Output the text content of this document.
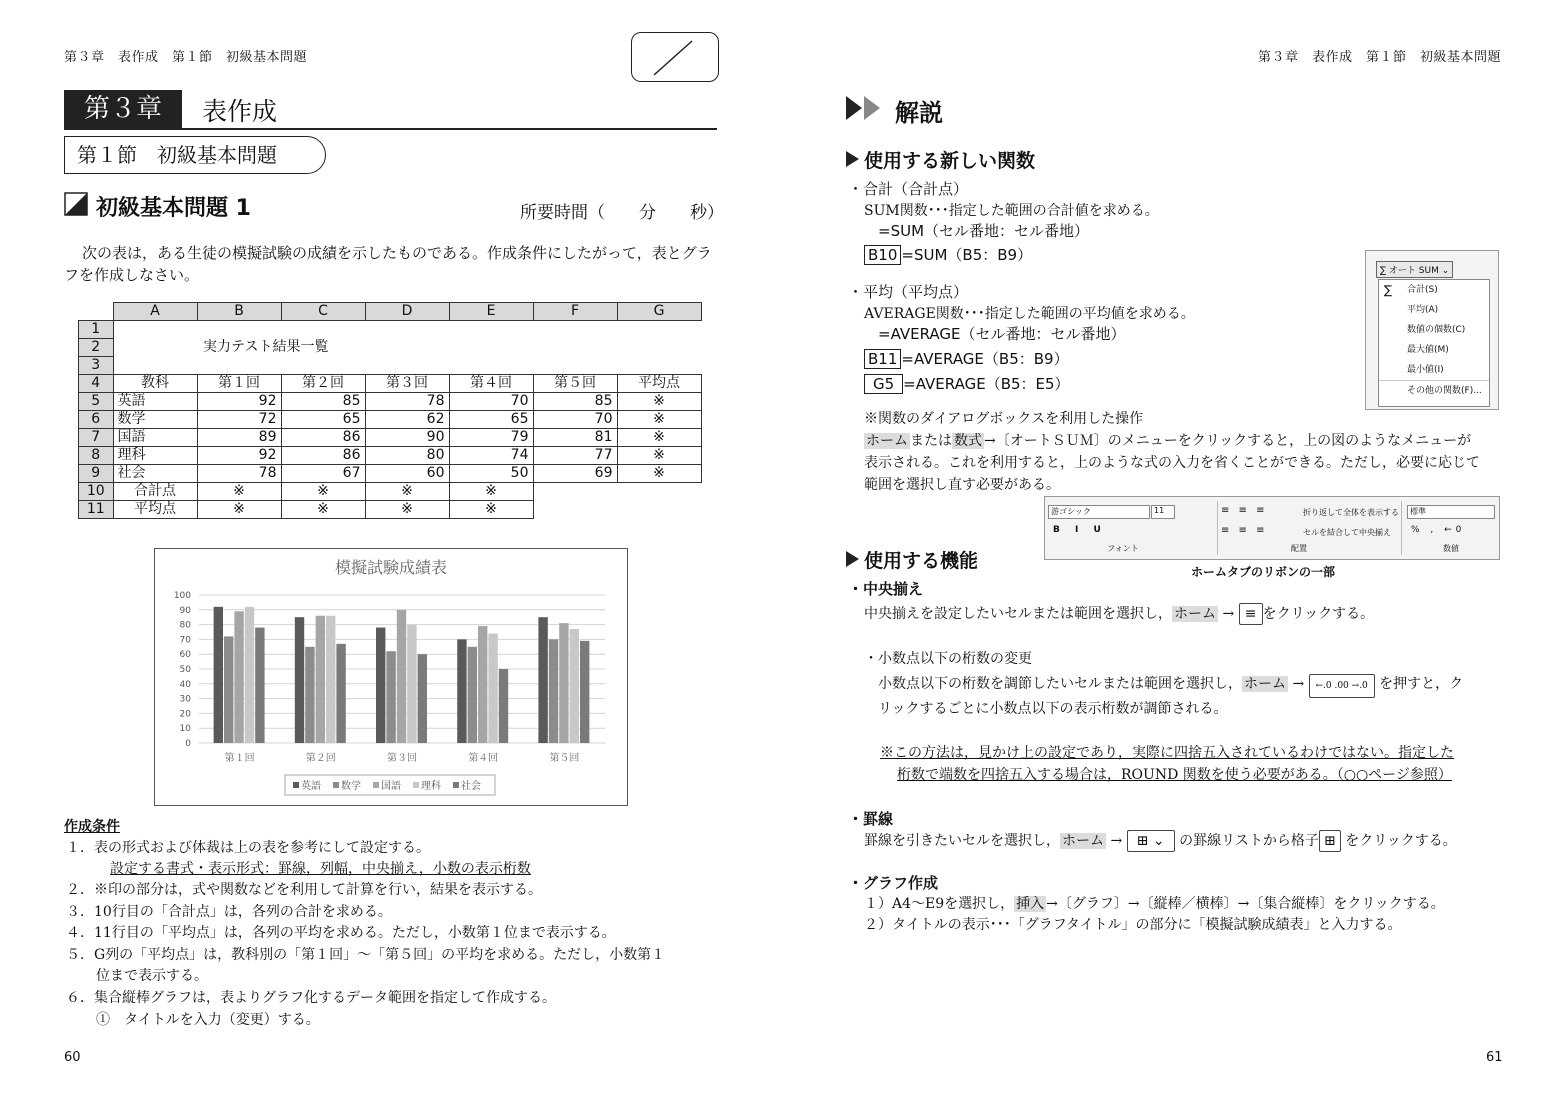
第３章　表作成　第１節　初級基本問題
第３章	表作成
第１節　初級基本問題
初級基本問題 1	所要時間（　　分　　秒）
次の表は，ある生徒の模擬試験の成績を示したものである。作成条件にしたがって，表とグラ
フを作成しなさい。
	A	B	C	D	E	F	G
1							
2		実力テスト結果一覧					
3							
4	教科	第１回	第２回	第３回	第４回	第５回	平均点
5	英語	92	85	78	70	85	※
6	数学	72	65	62	65	70	※
7	国語	89	86	90	79	81	※
8	理科	92	86	80	74	77	※
9	社会	78	67	60	50	69	※
10	合計点	※	※	※	※		
11	平均点	※	※	※	※		
模擬試験成績表
0
10
20
30
40
50
60
70
80
90
100
第１回	第２回	第３回	第４回	第５回
英語 数学 国語 理科 社会
作成条件
１．表の形式および体裁は上の表を参考にして設定する。
設定する書式・表示形式：罫線，列幅，中央揃え，小数の表示桁数
２．※印の部分は，式や関数などを利用して計算を行い，結果を表示する。
３．10行目の「合計点」は，各列の合計を求める。
４．11行目の「平均点」は，各列の平均を求める。ただし，小数第１位まで表示する。
５．G列の「平均点」は，教科別の「第１回」～「第５回」の平均を求める。ただし，小数第１
位まで表示する。
６．集合縦棒グラフは，表よりグラフ化するデータ範囲を指定して作成する。
①　タイトルを入力（変更）する。
60
第３章　表作成　第１節　初級基本問題
解説
使用する新しい関数
・合計（合計点）
SUM関数･･･指定した範囲の合計値を求める。
=SUM（セル番地：セル番地）
B10 =SUM（B5：B9）
・平均（平均点）
AVERAGE関数･･･指定した範囲の平均値を求める。
=AVERAGE（セル番地：セル番地）
B11 =AVERAGE（B5：B9）
G5 =AVERAGE（B5：E5）
∑ オート SUM ⌄
∑	合計(S)
平均(A)
数値の個数(C)
最大値(M)
最小値(I)
その他の関数(F)...
※関数のダイアログボックスを利用した操作
ホーム または 数式 →〔オートＳＵＭ〕のメニューをクリックすると，上の図のようなメニューが
表示される。これを利用すると，上のような式の入力を省くことができる。ただし，必要に応じて
範囲を選択し直す必要がある。
游ゴシック	11
B I U
フォント
≡ ≡ ≡
≡ ≡ ≡
折り返して全体を表示する
セルを結合して中央揃え
配置
標準
% , ←0
数値
ホームタブのリボンの一部
使用する機能
・中央揃え
中央揃えを設定したいセルまたは範囲を選択し， ホーム → ≡ をクリックする。
・小数点以下の桁数の変更
小数点以下の桁数を調節したいセルまたは範囲を選択し， ホーム → ←.0 .00 →.0 を押すと，ク
リックするごとに小数点以下の表示桁数が調節される。
※この方法は，見かけ上の設定であり，実際に四捨五入されているわけではない。指定した
桁数で端数を四捨五入する場合は，ROUND 関数を使う必要がある。（○○ページ参照）
・罫線
罫線を引きたいセルを選択し， ホーム → ⊞ ⌄ の罫線リストから格子 ⊞ をクリックする。
・グラフ作成
１）A4～E9を選択し， 挿入 →〔グラフ〕→〔縦棒／横棒〕→〔集合縦棒〕をクリックする。
２）タイトルの表示･･･「グラフタイトル」の部分に「模擬試験成績表」と入力する。
61
